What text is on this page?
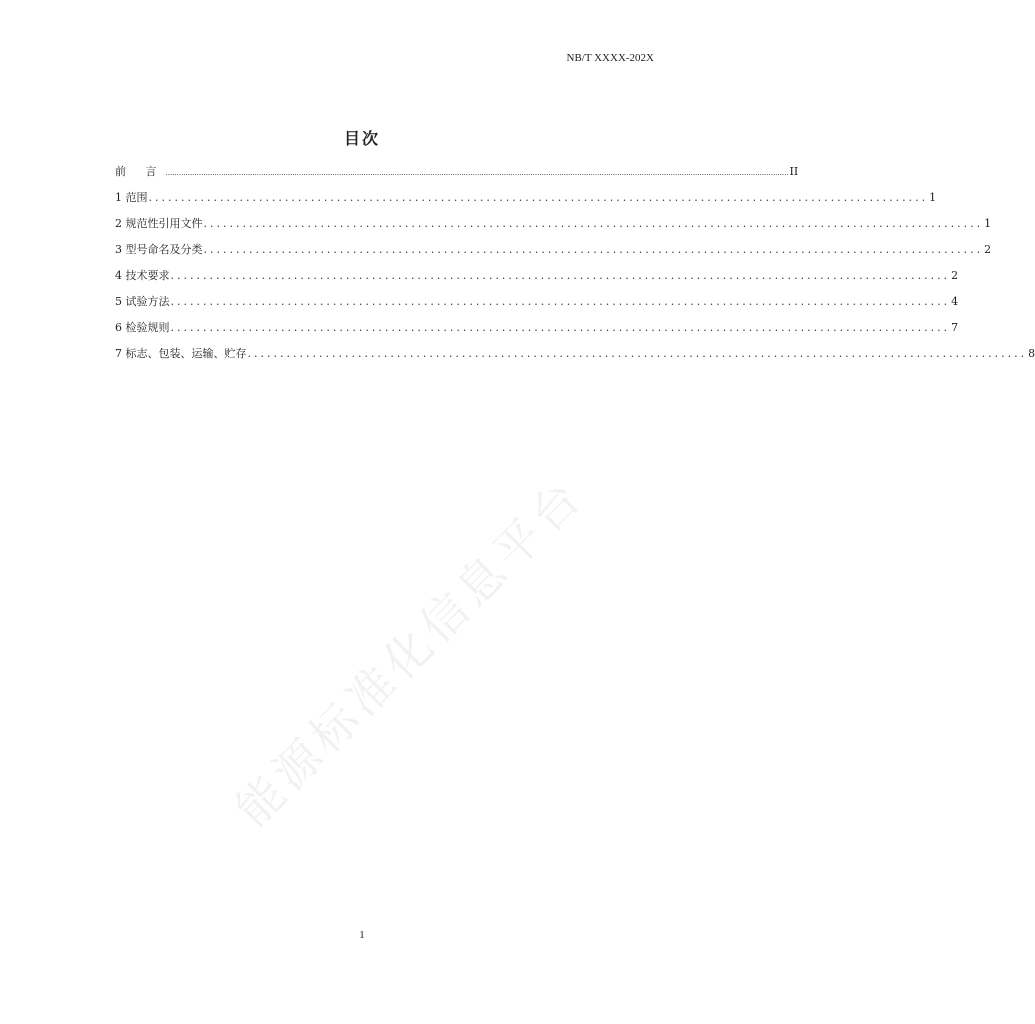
NB/T XXXX-202X
目次
前 言 ........................................................................................................................................................................................................................................................................................ II
1 范围 ........................................................................................................................ 1
2 规范性引用文件 ........................................................................................................................ 1
3 型号命名及分类 ........................................................................................................................ 2
4 技术要求 ........................................................................................................................ 2
5 试验方法 ........................................................................................................................ 4
6 检验规则 ........................................................................................................................ 7
7 标志、包装、运输、贮存 ........................................................................................................................ 8
能源标准化信息平台
1
